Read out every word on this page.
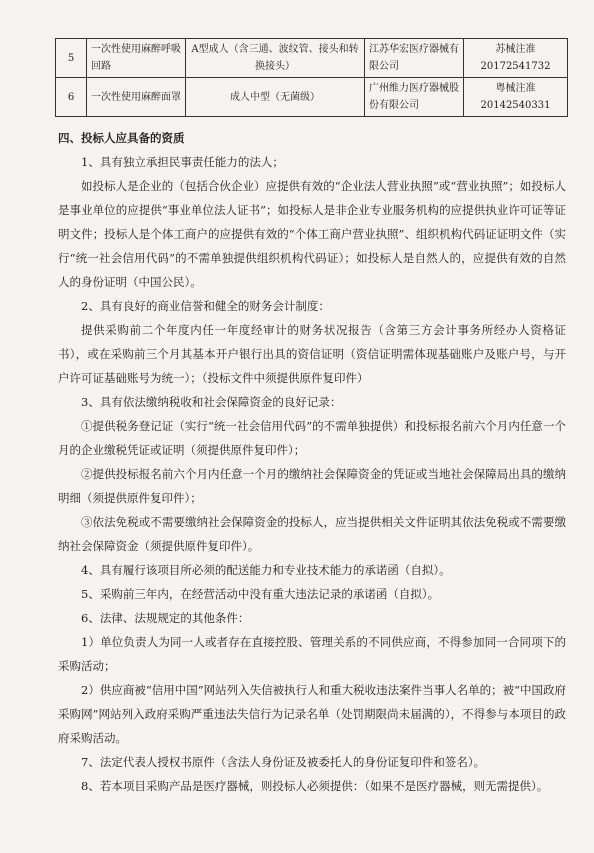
5	一次性使用麻醉呼吸回路	A型成人（含三通、波纹管、接头和转换接头）	江苏华宏医疗器械有限公司	苏械注准 20172541732
6	一次性使用麻醉面罩	成人中型（无菌级）	广州维力医疗器械股份有限公司	粤械注准 20142540331

四、投标人应具备的资质

1、具有独立承担民事责任能力的法人；

如投标人是企业的（包括合伙企业）应提供有效的“企业法人营业执照”或“营业执照”；如投标人是事业单位的应提供“事业单位法人证书”；如投标人是非企业专业服务机构的应提供执业许可证等证明文件；投标人是个体工商户的应提供有效的“个体工商户营业执照”、组织机构代码证证明文件（实行“统一社会信用代码”的不需单独提供组织机构代码证）；如投标人是自然人的，应提供有效的自然人的身份证明（中国公民）。

2、具有良好的商业信誉和健全的财务会计制度：

提供采购前二个年度内任一年度经审计的财务状况报告（含第三方会计事务所经办人资格证书），或在采购前三个月其基本开户银行出具的资信证明（资信证明需体现基础账户及账户号，与开户许可证基础账号为统一）；（投标文件中须提供原件复印件）

3、具有依法缴纳税收和社会保障资金的良好记录：

①提供税务登记证（实行“统一社会信用代码”的不需单独提供）和投标报名前六个月内任意一个月的企业缴税凭证或证明（须提供原件复印件）；

②提供投标报名前六个月内任意一个月的缴纳社会保障资金的凭证或当地社会保障局出具的缴纳明细（须提供原件复印件）；

③依法免税或不需要缴纳社会保障资金的投标人，应当提供相关文件证明其依法免税或不需要缴纳社会保障资金（须提供原件复印件）。

4、具有履行该项目所必须的配送能力和专业技术能力的承诺函（自拟）。

5、采购前三年内，在经营活动中没有重大违法记录的承诺函（自拟）。

6、法律、法规规定的其他条件：

1）单位负责人为同一人或者存在直接控股、管理关系的不同供应商，不得参加同一合同项下的采购活动；

2）供应商被“信用中国”网站列入失信被执行人和重大税收违法案件当事人名单的；被“中国政府采购网”网站列入政府采购严重违法失信行为记录名单（处罚期限尚未届满的），不得参与本项目的政府采购活动。

7、法定代表人授权书原件（含法人身份证及被委托人的身份证复印件和签名）。

8、若本项目采购产品是医疗器械，则投标人必须提供：（如果不是医疗器械，则无需提供）。
